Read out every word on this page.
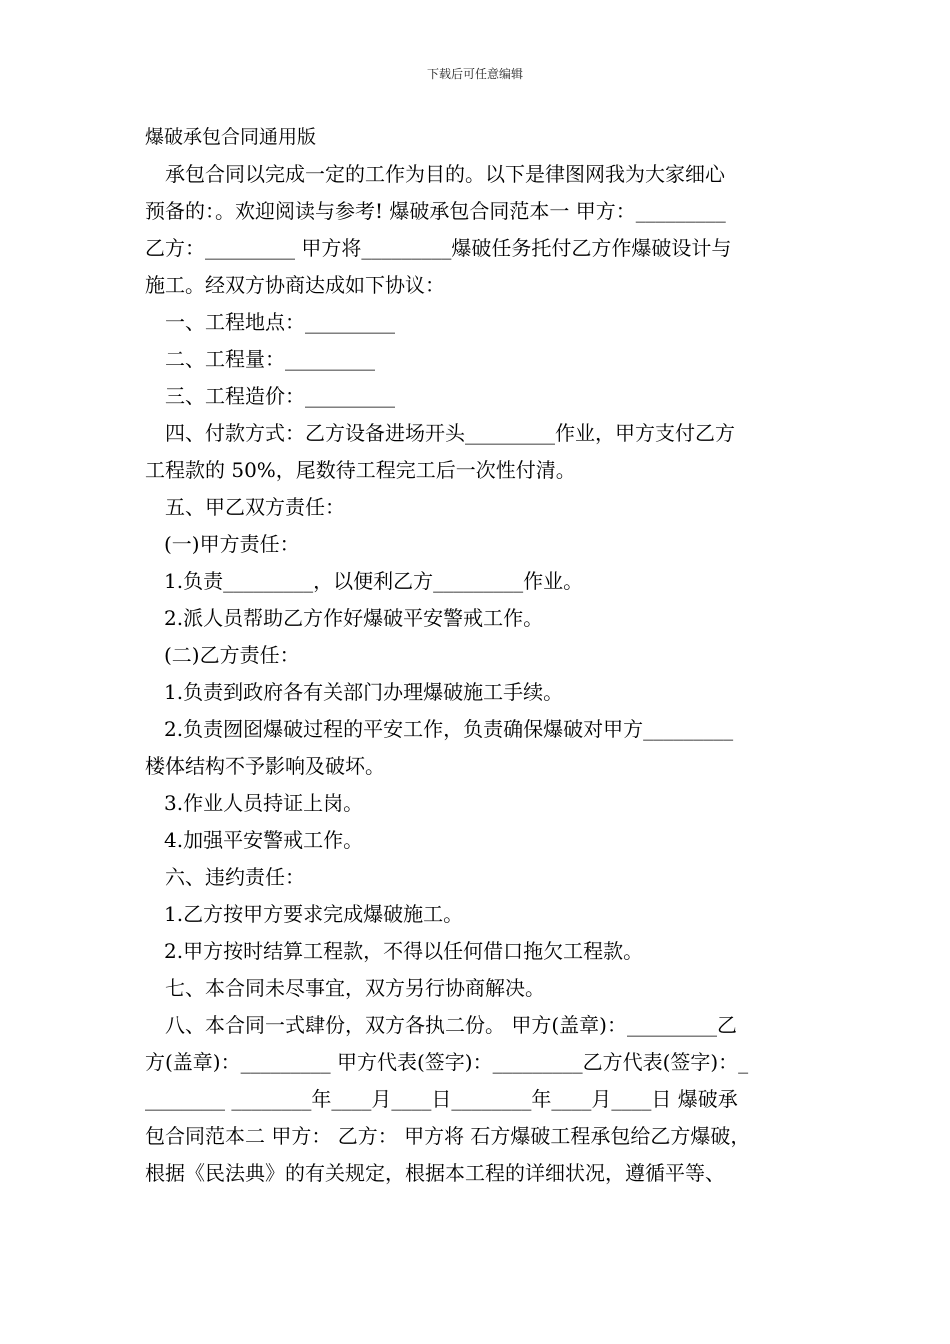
下载后可任意编辑
爆破承包合同通用版
承包合同以完成一定的工作为目的。以下是律图网我为大家细心
预备的：。欢迎阅读与参考! 爆破承包合同范本一 甲方：_________
乙方：_________ 甲方将_________爆破任务托付乙方作爆破设计与
施工。经双方协商达成如下协议：
一、工程地点：_________
二、工程量：_________
三、工程造价：_________
四、付款方式：乙方设备进场开头_________作业，甲方支付乙方
工程款的 50%，尾数待工程完工后一次性付清。
五、甲乙双方责任：
(一)甲方责任：
1.负责_________，以便利乙方_________作业。
2.派人员帮助乙方作好爆破平安警戒工作。
(二)乙方责任：
1.负责到政府各有关部门办理爆破施工手续。
2.负责囫囵爆破过程的平安工作，负责确保爆破对甲方_________
楼体结构不予影响及破坏。
3.作业人员持证上岗。
4.加强平安警戒工作。
六、违约责任：
1.乙方按甲方要求完成爆破施工。
2.甲方按时结算工程款，不得以任何借口拖欠工程款。
七、本合同未尽事宜，双方另行协商解决。
八、本合同一式肆份，双方各执二份。 甲方(盖章)：_________乙
方(盖章)：_________ 甲方代表(签字)：_________乙方代表(签字)：_
________ ________年____月____日________年____月____日 爆破承
包合同范本二 甲方： 乙方： 甲方将 石方爆破工程承包给乙方爆破，
根据《民法典》的有关规定，根据本工程的详细状况，遵循平等、
